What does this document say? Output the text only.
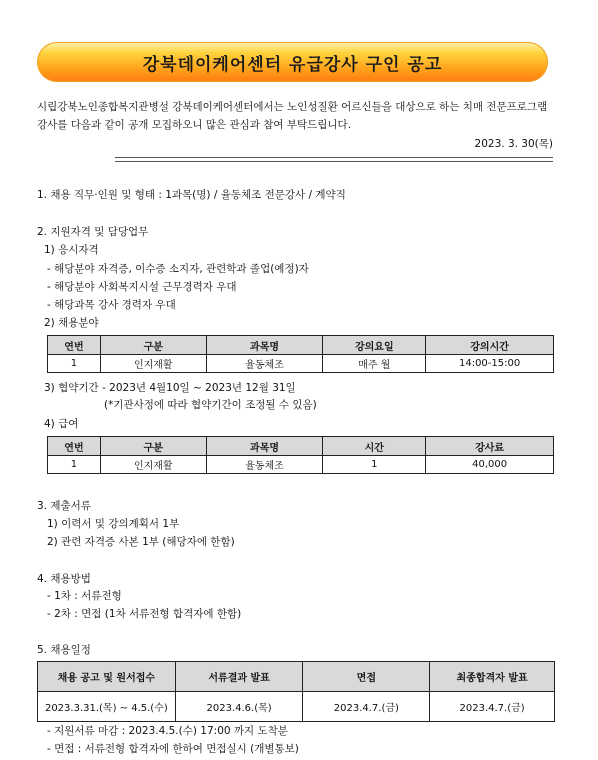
강북데이케어센터 유급강사 구인 공고
시립강북노인종합복지관병설 강북데이케어센터에서는 노인성질환 어르신들을 대상으로 하는 치매 전문프로그램
강사를 다음과 같이 공개 모집하오니 많은 관심과 참여 부탁드립니다.
2023. 3. 30(목)
1. 채용 직무·인원 및 형태 : 1과목(명) / 율동체조 전문강사 / 계약직
2. 지원자격 및 담당업무
1) 응시자격
- 해당분야 자격증, 이수증 소지자, 관련학과 졸업(예정)자
- 해당분야 사회복지시설 근무경력자 우대
- 해당과목 강사 경력자 우대
2) 채용분야
연번	구분	과목명	강의요일	강의시간
1	인지재활	율동체조	매주 월	14:00-15:00
3) 협약기간 - 2023년 4월10일 ~ 2023년 12월 31일
(*기관사정에 따라 협약기간이 조정될 수 있음)
4) 급여
연번	구분	과목명	시간	강사료
1	인지재활	율동체조	1	40,000
3. 제출서류
1) 이력서 및 강의계획서 1부
2) 관련 자격증 사본 1부 (해당자에 한함)
4. 채용방법
- 1차 : 서류전형
- 2차 : 면접 (1차 서류전형 합격자에 한함)
5. 채용일정
채용 공고 및 원서접수	서류결과 발표	면접	최종합격자 발표
2023.3.31.(목) ~ 4.5.(수)	2023.4.6.(목)	2023.4.7.(금)	2023.4.7.(금)
- 지원서류 마감 : 2023.4.5.(수) 17:00 까지 도착분
- 면접 : 서류전형 합격자에 한하여 면접실시 (개별통보)
